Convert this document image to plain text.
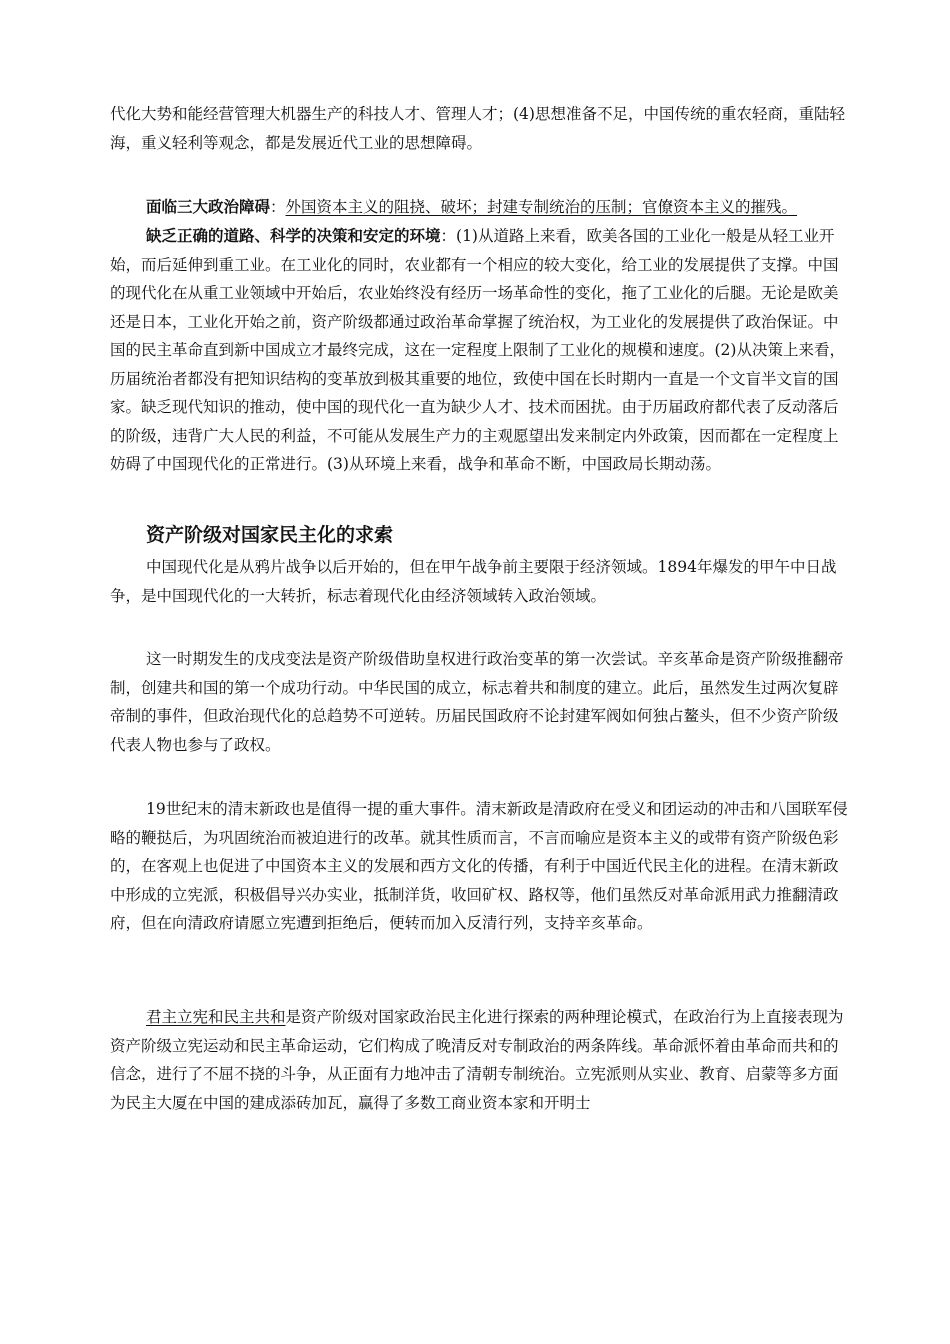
代化大势和能经营管理大机器生产的科技人才、管理人才；(4)思想准备不足，中国传统的重农轻商，重陆轻海，重义轻利等观念，都是发展近代工业的思想障碍。

面临三大政治障碍：外国资本主义的阻挠、破坏；封建专制统治的压制；官僚资本主义的摧残。

缺乏正确的道路、科学的决策和安定的环境：(1)从道路上来看，欧美各国的工业化一般是从轻工业开始，而后延伸到重工业。在工业化的同时，农业都有一个相应的较大变化，给工业的发展提供了支撑。中国的现代化在从重工业领域中开始后，农业始终没有经历一场革命性的变化，拖了工业化的后腿。无论是欧美还是日本，工业化开始之前，资产阶级都通过政治革命掌握了统治权，为工业化的发展提供了政治保证。中国的民主革命直到新中国成立才最终完成，这在一定程度上限制了工业化的规模和速度。(2)从决策上来看，历届统治者都没有把知识结构的变革放到极其重要的地位，致使中国在长时期内一直是一个文盲半文盲的国家。缺乏现代知识的推动，使中国的现代化一直为缺少人才、技术而困扰。由于历届政府都代表了反动落后的阶级，违背广大人民的利益，不可能从发展生产力的主观愿望出发来制定内外政策，因而都在一定程度上妨碍了中国现代化的正常进行。(3)从环境上来看，战争和革命不断，中国政局长期动荡。

资产阶级对国家民主化的求索

中国现代化是从鸦片战争以后开始的，但在甲午战争前主要限于经济领域。1894年爆发的甲午中日战争，是中国现代化的一大转折，标志着现代化由经济领域转入政治领域。

这一时期发生的戊戌变法是资产阶级借助皇权进行政治变革的第一次尝试。辛亥革命是资产阶级推翻帝制，创建共和国的第一个成功行动。中华民国的成立，标志着共和制度的建立。此后，虽然发生过两次复辟帝制的事件，但政治现代化的总趋势不可逆转。历届民国政府不论封建军阀如何独占鳌头，但不少资产阶级代表人物也参与了政权。

19世纪末的清末新政也是值得一提的重大事件。清末新政是清政府在受义和团运动的冲击和八国联军侵略的鞭挞后，为巩固统治而被迫进行的改革。就其性质而言，不言而喻应是资本主义的或带有资产阶级色彩的，在客观上也促进了中国资本主义的发展和西方文化的传播，有利于中国近代民主化的进程。在清末新政中形成的立宪派，积极倡导兴办实业，抵制洋货，收回矿权、路权等，他们虽然反对革命派用武力推翻清政府，但在向清政府请愿立宪遭到拒绝后，便转而加入反清行列，支持辛亥革命。

君主立宪和民主共和是资产阶级对国家政治民主化进行探索的两种理论模式，在政治行为上直接表现为资产阶级立宪运动和民主革命运动，它们构成了晚清反对专制政治的两条阵线。革命派怀着由革命而共和的信念，进行了不屈不挠的斗争，从正面有力地冲击了清朝专制统治。立宪派则从实业、教育、启蒙等多方面为民主大厦在中国的建成添砖加瓦，赢得了多数工商业资本家和开明士
